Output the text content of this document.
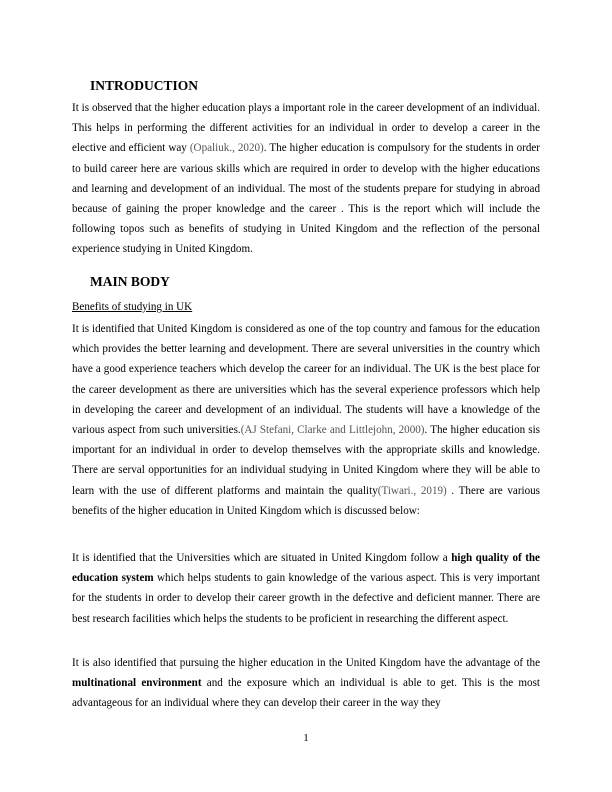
INTRODUCTION

It is observed that the higher education plays a important role in the career development of an individual. This helps in performing the different activities for an individual in order to develop a career in the elective and efficient way (Opaliuk., 2020). The higher education is compulsory for the students in order to build career here are various skills which are required in order to develop with the higher educations and learning and development of an individual. The most of the students prepare for studying in abroad because of gaining the proper knowledge and the career . This is the report which will include the following topos such as benefits of studying in United Kingdom and the reflection of the personal experience studying in United Kingdom.

MAIN BODY

Benefits of studying in UK

It is identified that United Kingdom is considered as one of the top country and famous for the education which provides the better learning and development. There are several universities in the country which have a good experience teachers which develop the career for an individual. The UK is the best place for the career development as there are universities which has the several experience professors which help in developing the career and development of an individual. The students will have a knowledge of the various aspect from such universities.(AJ Stefani, Clarke and Littlejohn, 2000). The higher education sis important for an individual in order to develop themselves with the appropriate skills and knowledge. There are serval opportunities for an individual studying in United Kingdom where they will be able to learn with the use of different platforms and maintain the quality(Tiwari., 2019) . There are various benefits of the higher education in United Kingdom which is discussed below:

It is identified that the Universities which are situated in United Kingdom follow a high quality of the education system which helps students to gain knowledge of the various aspect. This is very important for the students in order to develop their career growth in the defective and deficient manner. There are best research facilities which helps the students to be proficient in researching the different aspect.

It is also identified that pursuing the higher education in the United Kingdom have the advantage of the multinational environment and the exposure which an individual is able to get. This is the most advantageous for an individual where they can develop their career in the way they

1
